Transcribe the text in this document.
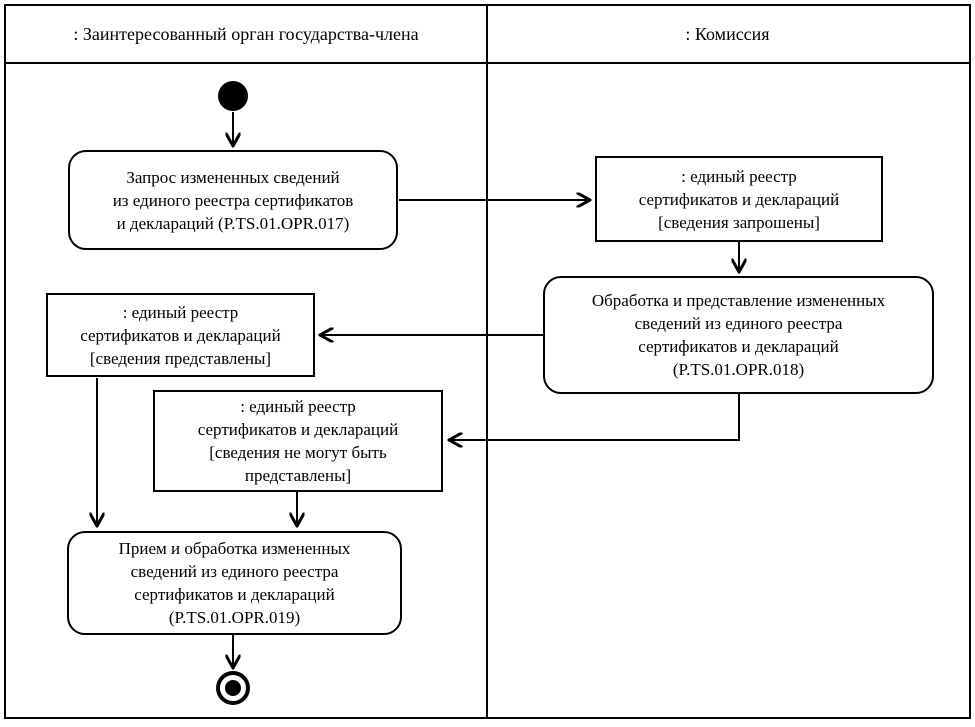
: Заинтересованный орган государства-члена	: Комиссия
Запрос измененных сведений
из единого реестра сертификатов
и деклараций (P.TS.01.OPR.017)
: единый реестр
сертификатов и деклараций
[сведения запрошены]
Обработка и представление измененных
сведений из единого реестра
сертификатов и деклараций
(P.TS.01.OPR.018)
: единый реестр
сертификатов и деклараций
[сведения представлены]
: единый реестр
сертификатов и деклараций
[сведения не могут быть
представлены]
Прием и обработка измененных
сведений из единого реестра
сертификатов и деклараций
(P.TS.01.OPR.019)
